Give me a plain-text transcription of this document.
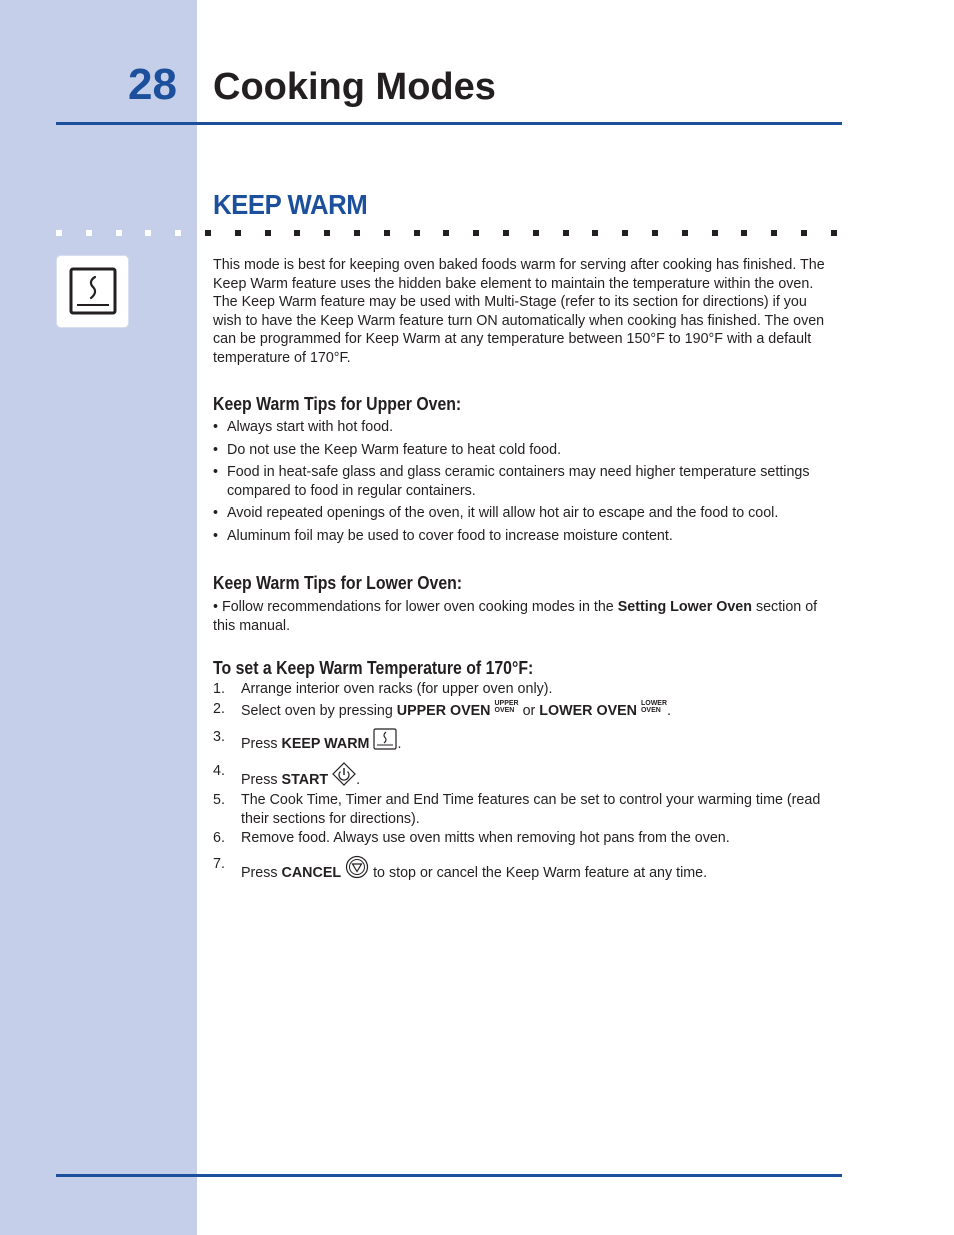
28 Cooking Modes
KEEP WARM
This mode is best for keeping oven baked foods warm for serving after cooking has finished. The Keep Warm feature uses the hidden bake element to maintain the temperature within the oven. The Keep Warm feature may be used with Multi-Stage (refer to its section for directions) if you wish to have the Keep Warm feature turn ON automatically when cooking has finished. The oven can be programmed for Keep Warm at any temperature between 150°F to 190°F with a default temperature of 170°F.
Keep Warm Tips for Upper Oven:
• Always start with hot food.
• Do not use the Keep Warm feature to heat cold food.
• Food in heat-safe glass and glass ceramic containers may need higher temperature settings compared to food in regular containers.
• Avoid repeated openings of the oven, it will allow hot air to escape and the food to cool.
• Aluminum foil may be used to cover food to increase moisture content.
Keep Warm Tips for Lower Oven:
• Follow recommendations for lower oven cooking modes in the Setting Lower Oven section of this manual.
To set a Keep Warm Temperature of 170°F:
1. Arrange interior oven racks (for upper oven only).
2. Select oven by pressing UPPER OVEN UPPER
OVEN or LOWER OVEN LOWER
OVEN .
3. Press KEEP WARM .
4.
Press START .
5. The Cook Time, Timer and End Time features can be set to control your warming time (read their sections for directions).
6. Remove food. Always use oven mitts when removing hot pans from the oven.
7.
Press CANCEL  to stop or cancel the Keep Warm feature at any time.
